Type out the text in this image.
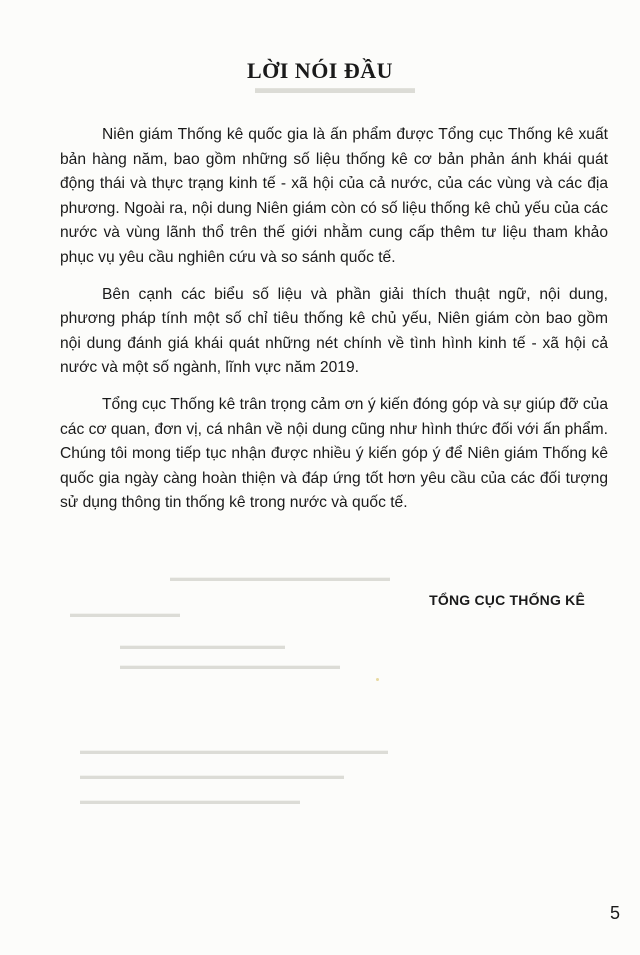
LỜI NÓI ĐẦU

Niên giám Thống kê quốc gia là ấn phẩm được Tổng cục Thống kê xuất bản hàng năm, bao gồm những số liệu thống kê cơ bản phản ánh khái quát động thái và thực trạng kinh tế - xã hội của cả nước, của các vùng và các địa phương. Ngoài ra, nội dung Niên giám còn có số liệu thống kê chủ yếu của các nước và vùng lãnh thổ trên thế giới nhằm cung cấp thêm tư liệu tham khảo phục vụ yêu cầu nghiên cứu và so sánh quốc tế.

Bên cạnh các biểu số liệu và phần giải thích thuật ngữ, nội dung, phương pháp tính một số chỉ tiêu thống kê chủ yếu, Niên giám còn bao gồm nội dung đánh giá khái quát những nét chính về tình hình kinh tế - xã hội cả nước và một số ngành, lĩnh vực năm 2019.

Tổng cục Thống kê trân trọng cảm ơn ý kiến đóng góp và sự giúp đỡ của các cơ quan, đơn vị, cá nhân về nội dung cũng như hình thức đối với ấn phẩm. Chúng tôi mong tiếp tục nhận được nhiều ý kiến góp ý để Niên giám Thống kê quốc gia ngày càng hoàn thiện và đáp ứng tốt hơn yêu cầu của các đối tượng sử dụng thông tin thống kê trong nước và quốc tế.

TỔNG CỤC THỐNG KÊ
5
▬▬▬▬▬▬▬▬▬▬
▬▬▬▬▬▬▬▬▬▬▬▬▬▬▬▬▬▬▬▬
▬▬▬▬▬▬▬▬▬▬
▬▬▬▬▬▬▬▬▬▬▬▬▬▬▬
▬▬▬▬▬▬▬▬▬▬▬▬▬▬▬▬▬▬▬▬
▬▬▬▬▬▬▬▬▬▬▬▬▬▬▬▬▬▬▬▬▬▬▬▬▬▬▬▬
▬▬▬▬▬▬▬▬▬▬▬▬▬▬▬▬▬▬▬▬▬▬▬▬
▬▬▬▬▬▬▬▬▬▬▬▬▬▬▬▬▬▬▬▬
